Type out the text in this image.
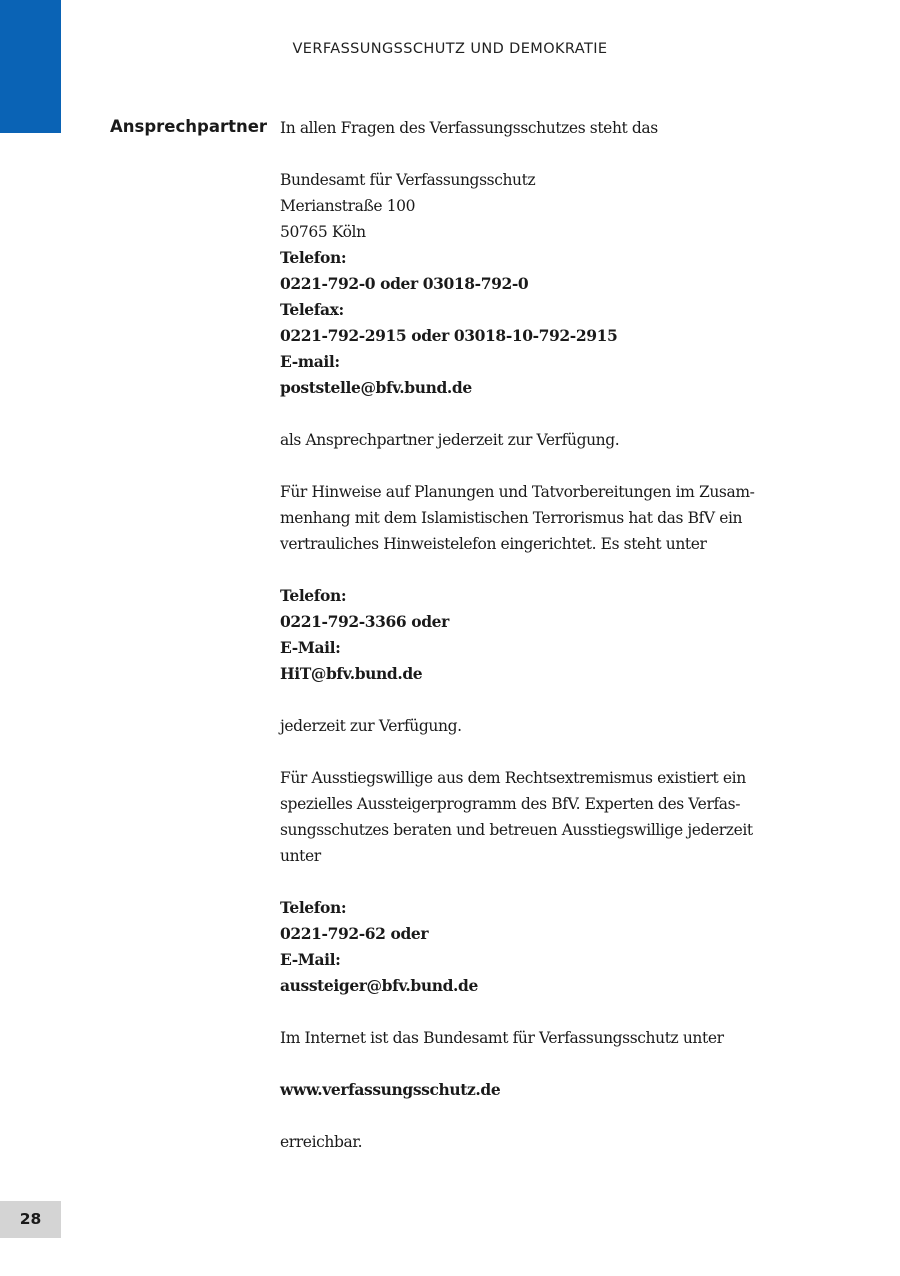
VERFASSUNGSSCHUTZ UND DEMOKRATIE
Ansprechpartner In allen Fragen des Verfassungsschutzes steht das

Bundesamt für Verfassungsschutz
Merianstraße 100
50765 Köln
Telefon:
0221-792-0 oder 03018-792-0
Telefax:
0221-792-2915 oder 03018-10-792-2915
E-mail:
poststelle@bfv.bund.de

als Ansprechpartner jederzeit zur Verfügung.

Für Hinweise auf Planungen und Tatvorbereitungen im Zusam-
menhang mit dem Islamistischen Terrorismus hat das BfV ein
vertrauliches Hinweistelefon eingerichtet. Es steht unter

Telefon:
0221-792-3366 oder
E-Mail:
HiT@bfv.bund.de

jederzeit zur Verfügung.

Für Ausstiegswillige aus dem Rechtsextremismus existiert ein
spezielles Aussteigerprogramm des BfV. Experten des Verfas-
sungsschutzes beraten und betreuen Ausstiegswillige jederzeit
unter

Telefon:
0221-792-62 oder
E-Mail:
aussteiger@bfv.bund.de

Im Internet ist das Bundesamt für Verfassungsschutz unter

www.verfassungsschutz.de

erreichbar.

28
